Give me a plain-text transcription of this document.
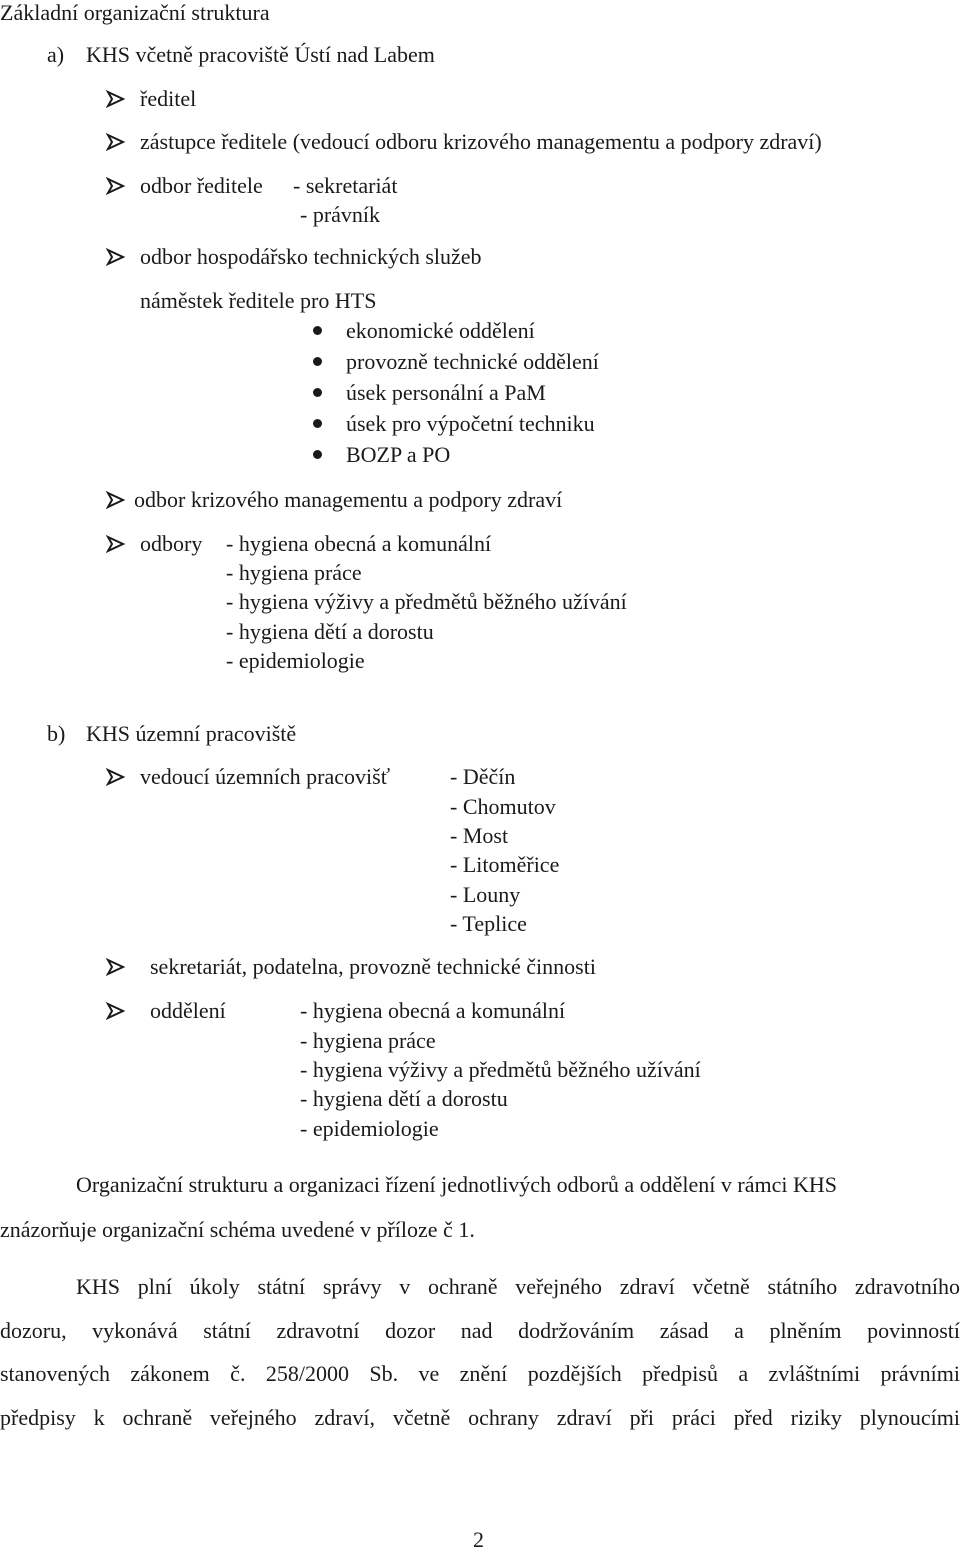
Základní organizační struktura
a) KHS včetně pracoviště Ústí nad Labem
ředitel
zástupce ředitele (vedoucí odboru krizového managementu a podpory zdraví)
odbor ředitele - sekretariát
- právník
odbor hospodářsko technických služeb
náměstek ředitele pro HTS
ekonomické oddělení
provozně technické oddělení
úsek personální a PaM
úsek pro výpočetní techniku
BOZP a PO
odbor krizového managementu a podpory zdraví
odbory - hygiena obecná a komunální
- hygiena práce
- hygiena výživy a předmětů běžného užívání
- hygiena dětí a dorostu
- epidemiologie
b) KHS územní pracoviště
vedoucí územních pracovišť	- Děčín
- Chomutov
- Most
- Litoměřice
- Louny
- Teplice
sekretariát, podatelna, provozně technické činnosti
oddělení	- hygiena obecná a komunální
- hygiena práce
- hygiena výživy a předmětů běžného užívání
- hygiena dětí a dorostu
- epidemiologie
Organizační strukturu a organizaci řízení jednotlivých odborů a oddělení v rámci KHS
znázorňuje organizační schéma uvedené v příloze č 1.
KHS plní úkoly státní správy v ochraně veřejného zdraví včetně státního zdravotního
dozoru, vykonává státní zdravotní dozor nad dodržováním zásad a plněním povinností
stanovených zákonem č. 258/2000 Sb. ve znění pozdějších předpisů a zvláštními právními
předpisy k ochraně veřejného zdraví, včetně ochrany zdraví při práci před riziky plynoucími
2
